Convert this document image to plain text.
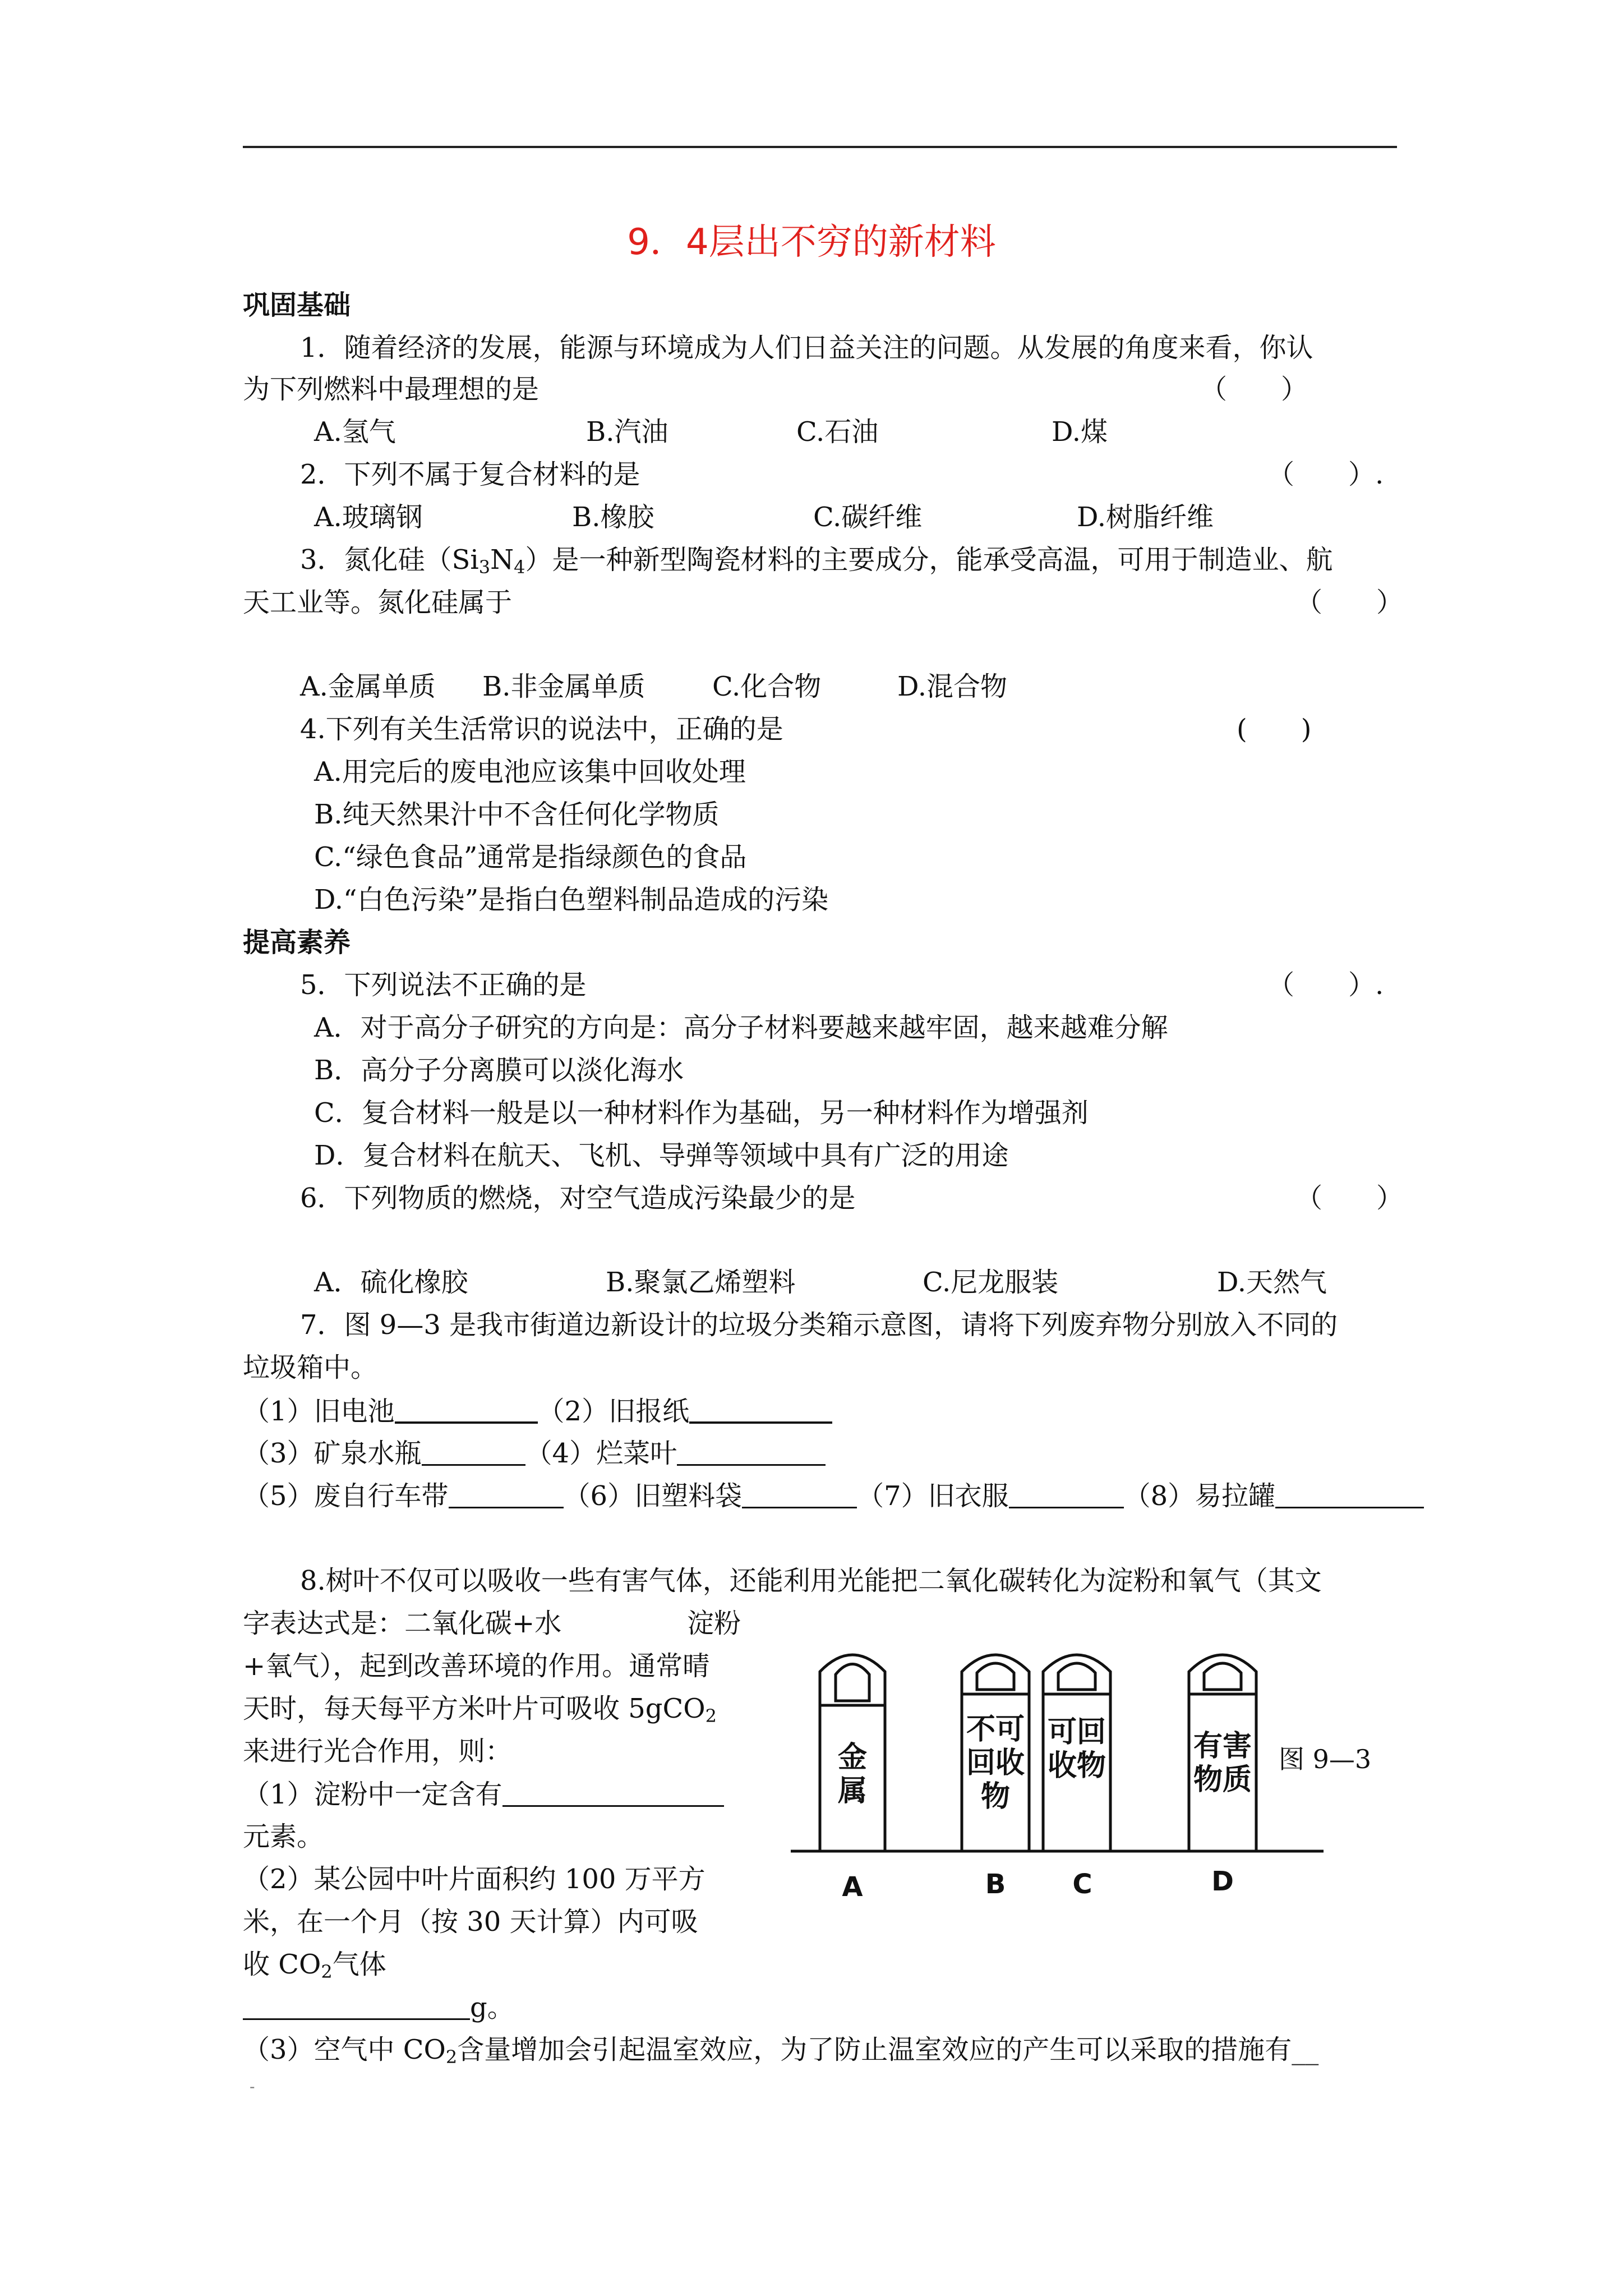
9．4层出不穷的新材料
巩固基础
1．随着经济的发展，能源与环境成为人们日益关注的问题。从发展的角度来看，你认
为下列燃料中最理想的是	（　　）
A.氢气	B.汽油	C.石油	D.煤
2．下列不属于复合材料的是	（　　）.
A.玻璃钢	B.橡胶	C.碳纤维	D.树脂纤维
3．氮化硅$(Si_3N_4)$是一种新型陶瓷材料的主要成分，能承受高温，可用于制造业、航
天工业等。氮化硅属于	（　　）
A.金属单质 B.非金属单质 C.化合物	D.混合物
4.下列有关生活常识的说法中，正确的是	(　　)
A.用完后的废电池应该集中回收处理
B.纯天然果汁中不含任何化学物质
C.“绿色食品”通常是指绿颜色的食品
D.“白色污染”是指白色塑料制品造成的污染
提高素养
5．下列说法不正确的是	（　　）.
A．对于高分子研究的方向是：高分子材料要越来越牢固，越来越难分解
B．高分子分离膜可以淡化海水
C．复合材料一般是以一种材料作为基础，另一种材料作为增强剂
D．复合材料在航天、飞机、导弹等领域中具有广泛的用途
6．下列物质的燃烧，对空气造成污染最少的是	（　　）
A．硫化橡胶	B.聚氯乙烯塑料	C.尼龙服装	D.天然气
7．图 9—3 是我市街道边新设计的垃圾分类箱示意图，请将下列废弃物分别放入不同的
垃圾箱中。
（1）旧电池	（2）旧报纸
（3）矿泉水瓶	（4）烂菜叶
（5）废自行车带	（6）旧塑料袋	（7）旧衣服	（8）易拉罐
8.树叶不仅可以吸收一些有害气体，还能利用光能把二氧化碳转化为淀粉和氧气（其文
字表达式是：二氧化碳+水	淀粉
+氧气），起到改善环境的作用。通常晴
天时，每天每平方米叶片可吸收 5gCO$_2$
来进行光合作用，则：
（1）淀粉中一定含有
元素。
（2）某公园中叶片面积约 100 万平方
米，在一个月（按 30 天计算）内可吸
收 $CO_2$气体
g。
（3）空气中 $CO_2$含量增加会引起温室效应，为了防止温室效应的产生可以采取的措施有__
-
金
属
不可
回收
物
可回
收物
有害
物质
A	B C	D
图 9—3
